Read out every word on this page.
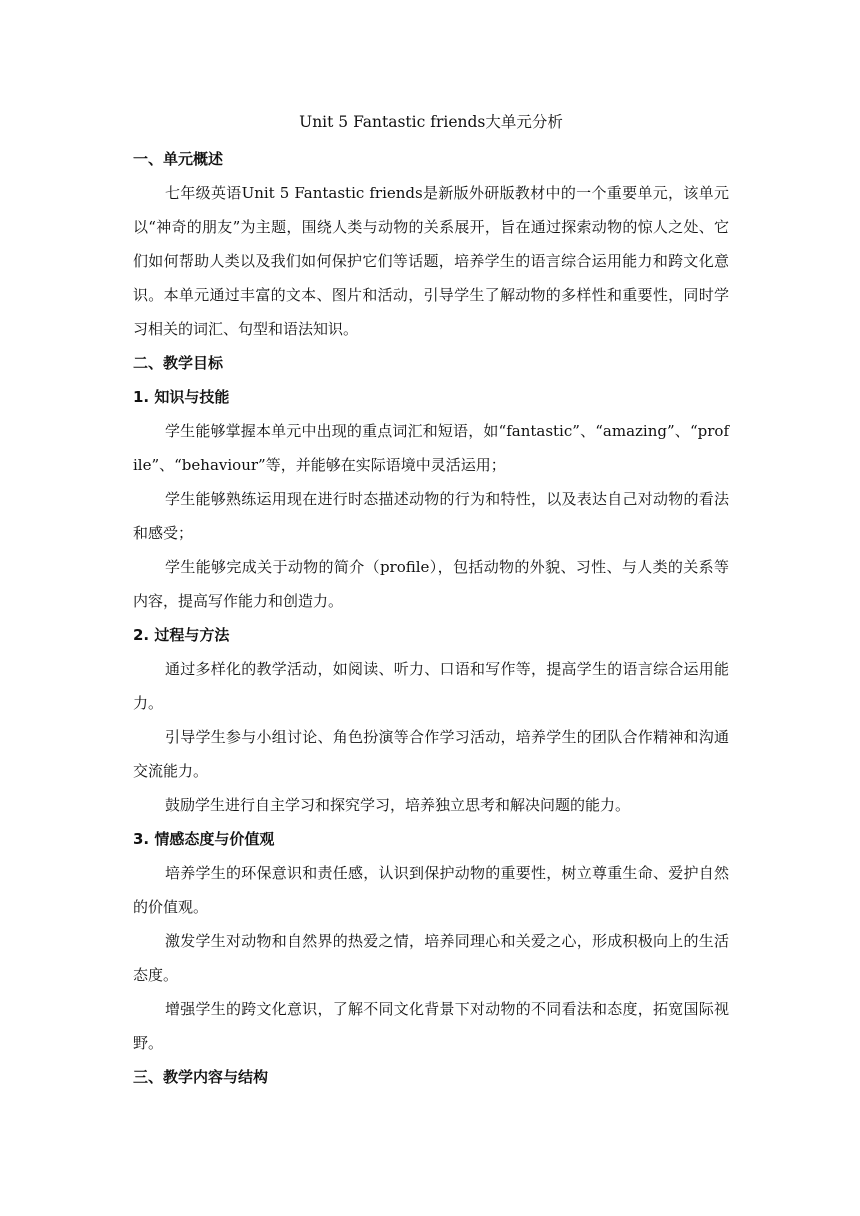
Unit 5 Fantastic friends大单元分析
一、单元概述

七年级英语Unit 5 Fantastic friends是新版外研版教材中的一个重要单元，该单元以“神奇的朋友”为主题，围绕人类与动物的关系展开，旨在通过探索动物的惊人之处、它们如何帮助人类以及我们如何保护它们等话题，培养学生的语言综合运用能力和跨文化意识。本单元通过丰富的文本、图片和活动，引导学生了解动物的多样性和重要性，同时学习相关的词汇、句型和语法知识。

二、教学目标
1. 知识与技能

学生能够掌握本单元中出现的重点词汇和短语，如“fantastic”、“amazing”、“profile”、“behaviour”等，并能够在实际语境中灵活运用；

学生能够熟练运用现在进行时态描述动物的行为和特性，以及表达自己对动物的看法和感受；

学生能够完成关于动物的简介（profile），包括动物的外貌、习性、与人类的关系等内容，提高写作能力和创造力。

2. 过程与方法

通过多样化的教学活动，如阅读、听力、口语和写作等，提高学生的语言综合运用能力。

引导学生参与小组讨论、角色扮演等合作学习活动，培养学生的团队合作精神和沟通交流能力。

鼓励学生进行自主学习和探究学习，培养独立思考和解决问题的能力。

3. 情感态度与价值观

培养学生的环保意识和责任感，认识到保护动物的重要性，树立尊重生命、爱护自然的价值观。

激发学生对动物和自然界的热爱之情，培养同理心和关爱之心，形成积极向上的生活态度。

增强学生的跨文化意识，了解不同文化背景下对动物的不同看法和态度，拓宽国际视野。

三、教学内容与结构
